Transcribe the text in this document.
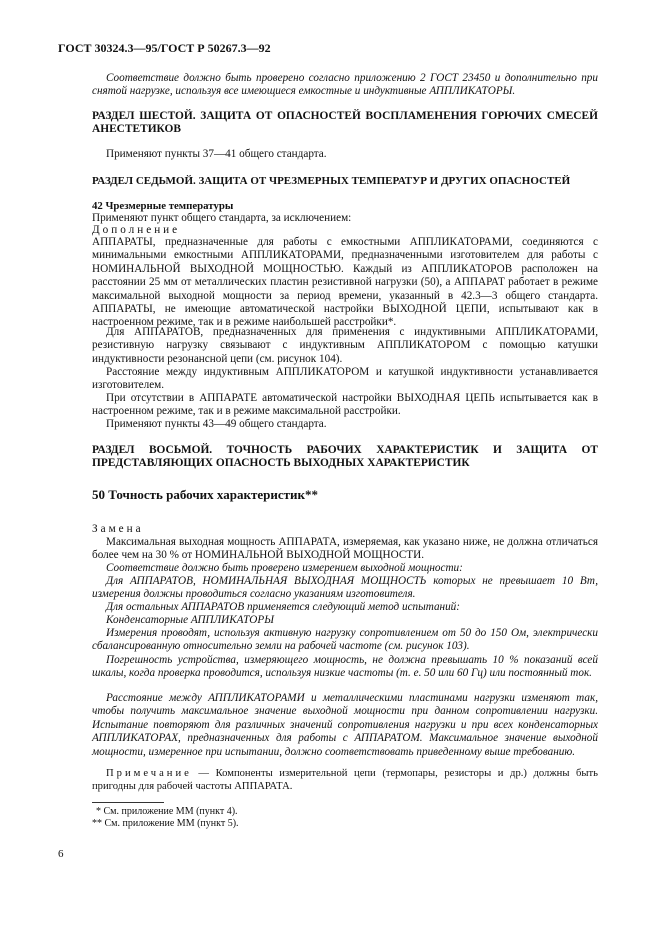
ГОСТ 30324.3—95/ГОСТ Р 50267.3—92

Соответствие должно быть проверено согласно приложению 2 ГОСТ 23450 и дополнительно при снятой нагрузке, используя все имеющиеся емкостные и индуктивные АППЛИКАТОРЫ.

РАЗДЕЛ ШЕСТОЙ. ЗАЩИТА ОТ ОПАСНОСТЕЙ ВОСПЛАМЕНЕНИЯ ГОРЮЧИХ СМЕСЕЙ АНЕСТЕТИКОВ

Применяют пункты 37—41 общего стандарта.

РАЗДЕЛ СЕДЬМОЙ. ЗАЩИТА ОТ ЧРЕЗМЕРНЫХ ТЕМПЕРАТУР И ДРУГИХ ОПАСНОСТЕЙ

42 Чрезмерные температуры

Применяют пункт общего стандарта, за исключением:

Дополнение

АППАРАТЫ, предназначенные для работы с емкостными АППЛИКАТОРАМИ, соединяются с минимальными емкостными АППЛИКАТОРАМИ, предназначенными изготовителем для работы с НОМИНАЛЬНОЙ ВЫХОДНОЙ МОЩНОСТЬЮ. Каждый из АППЛИКАТОРОВ расположен на расстоянии 25 мм от металлических пластин резистивной нагрузки (50), а АППАРАТ работает в режиме максимальной выходной мощности за период времени, указанный в 42.3—3 общего стандарта. АППАРАТЫ, не имеющие автоматической настройки ВЫХОДНОЙ ЦЕПИ, испытывают как в настроенном режиме, так и в режиме наибольшей расстройки*.

Для АППАРАТОВ, предназначенных для применения с индуктивными АППЛИКАТОРАМИ, резистивную нагрузку связывают с индуктивным АППЛИКАТОРОМ с помощью катушки индуктивности резонансной цепи (см. рисунок 104).

Расстояние между индуктивным АППЛИКАТОРОМ и катушкой индуктивности устанавливается изготовителем.

При отсутствии в АППАРАТЕ автоматической настройки ВЫХОДНАЯ ЦЕПЬ испытывается как в настроенном режиме, так и в режиме максимальной расстройки.

Применяют пункты 43—49 общего стандарта.

РАЗДЕЛ ВОСЬМОЙ. ТОЧНОСТЬ РАБОЧИХ ХАРАКТЕРИСТИК И ЗАЩИТА ОТ ПРЕДСТАВЛЯЮЩИХ ОПАСНОСТЬ ВЫХОДНЫХ ХАРАКТЕРИСТИК

50 Точность рабочих характеристик**

Замена

Максимальная выходная мощность АППАРАТА, измеряемая, как указано ниже, не должна отличаться более чем на 30 % от НОМИНАЛЬНОЙ ВЫХОДНОЙ МОЩНОСТИ.

Соответствие должно быть проверено измерением выходной мощности:

Для АППАРАТОВ, НОМИНАЛЬНАЯ ВЫХОДНАЯ МОЩНОСТЬ которых не превышает 10 Вт, измерения должны проводиться согласно указаниям изготовителя.

Для остальных АППАРАТОВ применяется следующий метод испытаний:

Конденсаторные АППЛИКАТОРЫ

Измерения проводят, используя активную нагрузку сопротивлением от 50 до 150 Ом, электрически сбалансированную относительно земли на рабочей частоте (см. рисунок 103).

Погрешность устройства, измеряющего мощность, не должна превышать 10 % показаний всей шкалы, когда проверка проводится, используя низкие частоты (т. е. 50 или 60 Гц) или постоянный ток.

Расстояние между АППЛИКАТОРАМИ и металлическими пластинами нагрузки изменяют так, чтобы получить максимальное значение выходной мощности при данном сопротивлении нагрузки. Испытание повторяют для различных значений сопротивления нагрузки и при всех конденсаторных АППЛИКАТОРАХ, предназначенных для работы с АППАРАТОМ. Максимальное значение выходной мощности, измеренное при испытании, должно соответствовать приведенному выше требованию.

Примечание — Компоненты измерительной цепи (термопары, резисторы и др.) должны быть пригодны для рабочей частоты АППАРАТА.

* См. приложение ММ (пункт 4).

** См. приложение ММ (пункт 5).

6
